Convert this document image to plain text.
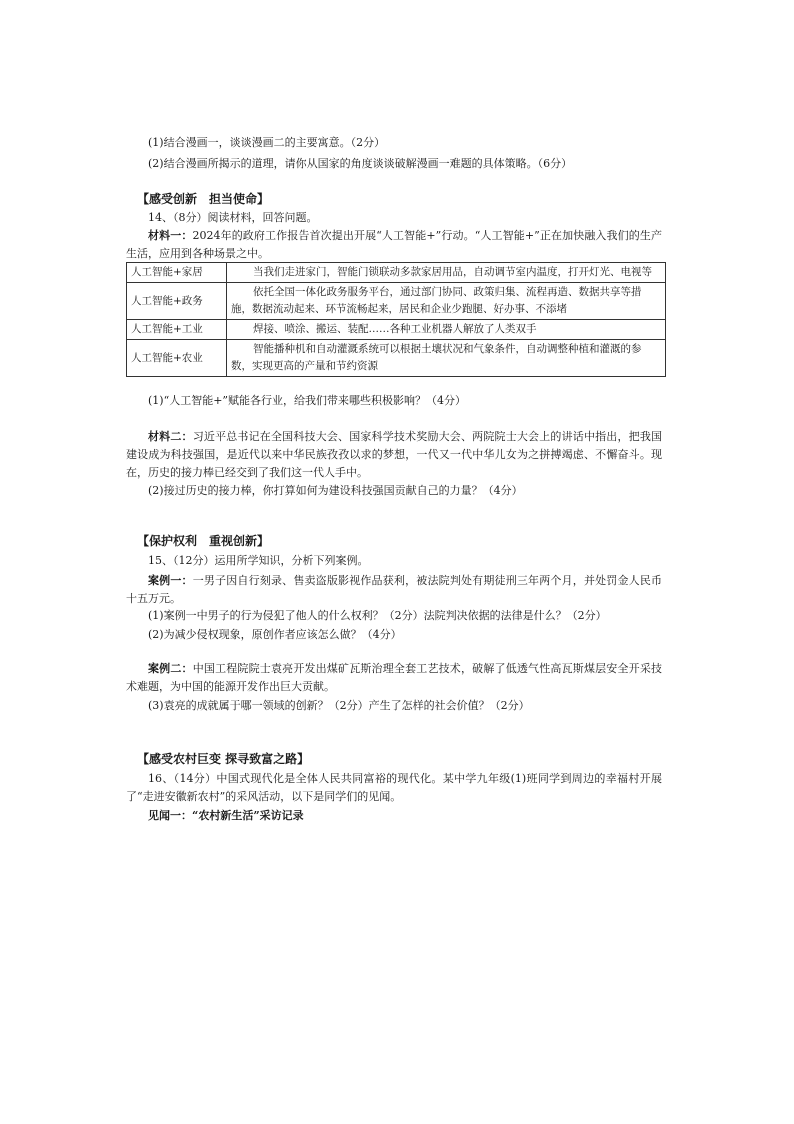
(1)结合漫画一，谈谈漫画二的主要寓意。（2分）
(2)结合漫画所揭示的道理，请你从国家的角度谈谈破解漫画一难题的具体策略。（6分）
【感受创新　担当使命】
14、（8分）阅读材料，回答问题。
材料一：2024年的政府工作报告首次提出开展“人工智能+”行动。“人工智能+”正在加快融入我们的生产生活，应用到各种场景之中。
人工智能+家居	当我们走进家门，智能门锁联动多款家居用品，自动调节室内温度，打开灯光、电视等
人工智能+政务	依托全国一体化政务服务平台，通过部门协同、政策归集、流程再造、数据共享等措施，数据流动起来、环节流畅起来，居民和企业少跑腿、好办事、不添堵
人工智能+工业	焊接、喷涂、搬运、装配……各种工业机器人解放了人类双手
人工智能+农业	智能播种机和自动灌溉系统可以根据土壤状况和气象条件，自动调整种植和灌溉的参数，实现更高的产量和节约资源
(1)“人工智能+”赋能各行业，给我们带来哪些积极影响？（4分）
材料二：习近平总书记在全国科技大会、国家科学技术奖励大会、两院院士大会上的讲话中指出，把我国建设成为科技强国，是近代以来中华民族孜孜以求的梦想，一代又一代中华儿女为之拼搏竭虑、不懈奋斗。现在，历史的接力棒已经交到了我们这一代人手中。
(2)接过历史的接力棒，你打算如何为建设科技强国贡献自己的力量？（4分）
【保护权利　重视创新】
15、（12分）运用所学知识，分析下列案例。
案例一：一男子因自行刻录、售卖盗版影视作品获利，被法院判处有期徒刑三年两个月，并处罚金人民币十五万元。
(1)案例一中男子的行为侵犯了他人的什么权利？（2分）法院判决依据的法律是什么？（2分）
(2)为减少侵权现象，原创作者应该怎么做？（4分）
案例二：中国工程院院士袁亮开发出煤矿瓦斯治理全套工艺技术，破解了低透气性高瓦斯煤层安全开采技术难题，为中国的能源开发作出巨大贡献。
(3)袁亮的成就属于哪一领域的创新？（2分）产生了怎样的社会价值？（2分）
【感受农村巨变 探寻致富之路】
16、（14分）中国式现代化是全体人民共同富裕的现代化。某中学九年级(1)班同学到周边的幸福村开展了“走进安徽新农村”的采风活动，以下是同学们的见闻。
见闻一：“农村新生活”采访记录
